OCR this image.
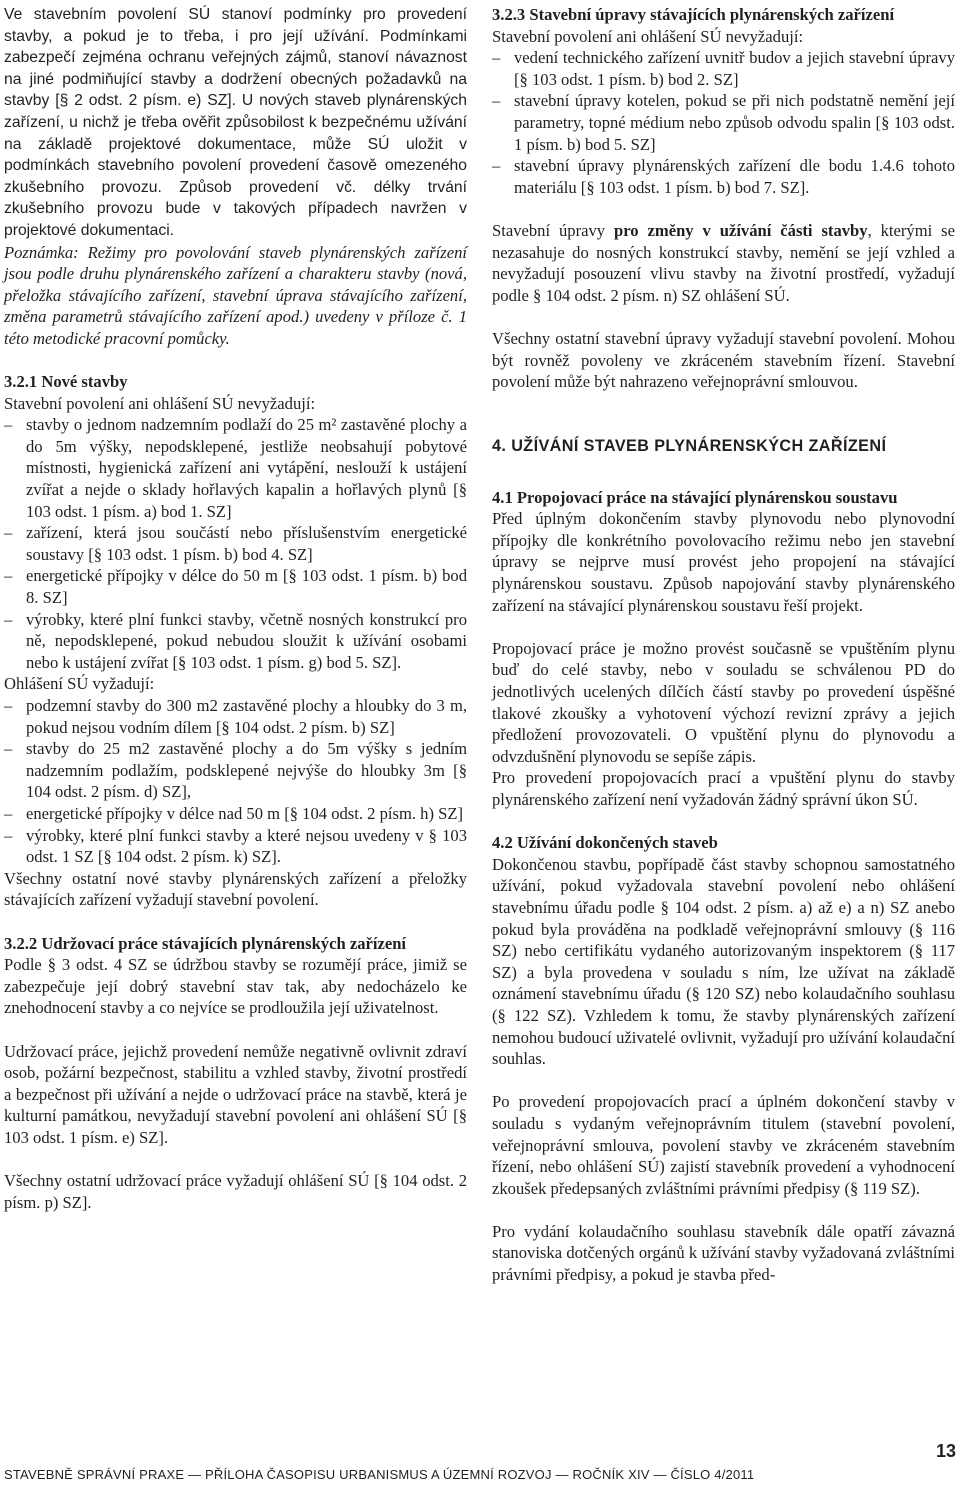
Ve stavebním povolení SÚ stanoví podmínky pro provedení stavby, a pokud je to třeba, i pro její užívání. Podmínkami zabezpečí zejména ochranu veřejných zájmů, stanoví návaznost na jiné podmiňující stavby a dodržení obecných požadavků na stavby [§ 2 odst. 2 písm. e) SZ]. U nových staveb plynárenských zařízení, u nichž je třeba ověřit způsobilost k bezpečnému užívání na základě projektové dokumentace, může SÚ uložit v podmínkách stavebního povolení provedení časově omezeného zkušebního provozu. Způsob provedení vč. délky trvání zkušebního provozu bude v takových případech navržen v projektové dokumentaci.

Poznámka: Režimy pro povolování staveb plynárenských zařízení jsou podle druhu plynárenského zařízení a charakteru stavby (nová, přeložka stávajícího zařízení, stavební úprava stávajícího zařízení, změna parametrů stávajícího zařízení apod.) uvedeny v příloze č. 1 této metodické pracovní pomůcky.

3.2.1 Nové stavby

Stavební povolení ani ohlášení SÚ nevyžadují:

– stavby o jednom nadzemním podlaží do 25 m² zastavěné plochy a do 5m výšky, nepodsklepené, jestliže neobsahují pobytové místnosti, hygienická zařízení ani vytápění, neslouží k ustájení zvířat a nejde o sklady hořlavých kapalin a hořlavých plynů [§ 103 odst. 1 písm. a) bod 1. SZ]
– zařízení, která jsou součástí nebo příslušenstvím energetické soustavy [§ 103 odst. 1 písm. b) bod 4. SZ]
– energetické přípojky v délce do 50 m [§ 103 odst. 1 písm. b) bod 8. SZ]
– výrobky, které plní funkci stavby, včetně nosných konstrukcí pro ně, nepodsklepené, pokud nebudou sloužit k užívání osobami nebo k ustájení zvířat [§ 103 odst. 1 písm. g) bod 5. SZ].

Ohlášení SÚ vyžadují:

– podzemní stavby do 300 m2 zastavěné plochy a hloubky do 3 m, pokud nejsou vodním dílem [§ 104 odst. 2 písm. b) SZ]
– stavby do 25 m2 zastavěné plochy a do 5m výšky s jedním nadzemním podlažím, podsklepené nejvýše do hloubky 3m [§ 104 odst. 2 písm. d) SZ],
– energetické přípojky v délce nad 50 m [§ 104 odst. 2 písm. h) SZ]
– výrobky, které plní funkci stavby a které nejsou uvedeny v § 103 odst. 1 SZ [§ 104 odst. 2 písm. k) SZ].

Všechny ostatní nové stavby plynárenských zařízení a přeložky stávajících zařízení vyžadují stavební povolení.

3.2.2 Udržovací práce stávajících plynárenských zařízení

Podle § 3 odst. 4 SZ se údržbou stavby se rozumějí práce, jimiž se zabezpečuje její dobrý stavební stav tak, aby nedocházelo ke znehodnocení stavby a co nejvíce se prodloužila její uživatelnost.

Udržovací práce, jejichž provedení nemůže negativně ovlivnit zdraví osob, požární bezpečnost, stabilitu a vzhled stavby, životní prostředí a bezpečnost při užívání a nejde o udržovací práce na stavbě, která je kulturní památkou, nevyžadují stavební povolení ani ohlášení SÚ [§ 103 odst. 1 písm. e) SZ].

Všechny ostatní udržovací práce vyžadují ohlášení SÚ [§ 104 odst. 2 písm. p) SZ].

3.2.3 Stavební úpravy stávajících plynárenských zařízení

Stavební povolení ani ohlášení SÚ nevyžadují:

– vedení technického zařízení uvnitř budov a jejich stavební úpravy [§ 103 odst. 1 písm. b) bod 2. SZ]
– stavební úpravy kotelen, pokud se při nich podstatně nemění její parametry, topné médium nebo způsob odvodu spalin [§ 103 odst. 1 písm. b) bod 5. SZ]
– stavební úpravy plynárenských zařízení dle bodu 1.4.6 tohoto materiálu [§ 103 odst. 1 písm. b) bod 7. SZ].

Stavební úpravy pro změny v užívání části stavby, kterými se nezasahuje do nosných konstrukcí stavby, nemění se její vzhled a nevyžadují posouzení vlivu stavby na životní prostředí, vyžadují podle § 104 odst. 2 písm. n) SZ ohlášení SÚ.

Všechny ostatní stavební úpravy vyžadují stavební povolení. Mohou být rovněž povoleny ve zkráceném stavebním řízení. Stavební povolení může být nahrazeno veřejnoprávní smlouvou.

4. UŽÍVÁNÍ STAVEB PLYNÁRENSKÝCH ZAŘÍZENÍ
4.1 Propojovací práce na stávající plynárenskou soustavu

Před úplným dokončením stavby plynovodu nebo plynovodní přípojky dle konkrétního povolovacího režimu nebo jen stavební úpravy se nejprve musí provést jeho propojení na stávající plynárenskou soustavu. Způsob napojování stavby plynárenského zařízení na stávající plynárenskou soustavu řeší projekt.

Propojovací práce je možno provést současně se vpuštěním plynu buď do celé stavby, nebo v souladu se schválenou PD do jednotlivých ucelených dílčích částí stavby po provedení úspěšné tlakové zkoušky a vyhotovení výchozí revizní zprávy a jejich předložení provozovateli. O vpuštění plynu do plynovodu a odvzdušnění plynovodu se sepíše zápis.

Pro provedení propojovacích prací a vpuštění plynu do stavby plynárenského zařízení není vyžadován žádný správní úkon SÚ.

4.2 Užívání dokončených staveb

Dokončenou stavbu, popřípadě část stavby schopnou samostatného užívání, pokud vyžadovala stavební povolení nebo ohlášení stavebnímu úřadu podle § 104 odst. 2 písm. a) až e) a n) SZ anebo pokud byla prováděna na podkladě veřejnoprávní smlouvy (§ 116 SZ) nebo certifikátu vydaného autorizovaným inspektorem (§ 117 SZ) a byla provedena v souladu s ním, lze užívat na základě oznámení stavebnímu úřadu (§ 120 SZ) nebo kolaudačního souhlasu (§ 122 SZ). Vzhledem k tomu, že stavby plynárenských zařízení nemohou budoucí uživatelé ovlivnit, vyžadují pro užívání kolaudační souhlas.

Po provedení propojovacích prací a úplném dokončení stavby v souladu s vydaným veřejnoprávním titulem (stavební povolení, veřejnoprávní smlouva, povolení stavby ve zkráceném stavebním řízení, nebo ohlášení SÚ) zajistí stavebník provedení a vyhodnocení zkoušek předepsaných zvláštními právními předpisy (§ 119 SZ).

Pro vydání kolaudačního souhlasu stavebník dále opatří závazná stanoviska dotčených orgánů k užívání stavby vyžadovaná zvláštními právními předpisy, a pokud je stavba před-

STAVEBNĚ SPRÁVNÍ PRAXE — PŘÍLOHA ČASOPISU URBANISMUS A ÚZEMNÍ ROZVOJ — ROČNÍK XIV — ČÍSLO 4/2011
13
